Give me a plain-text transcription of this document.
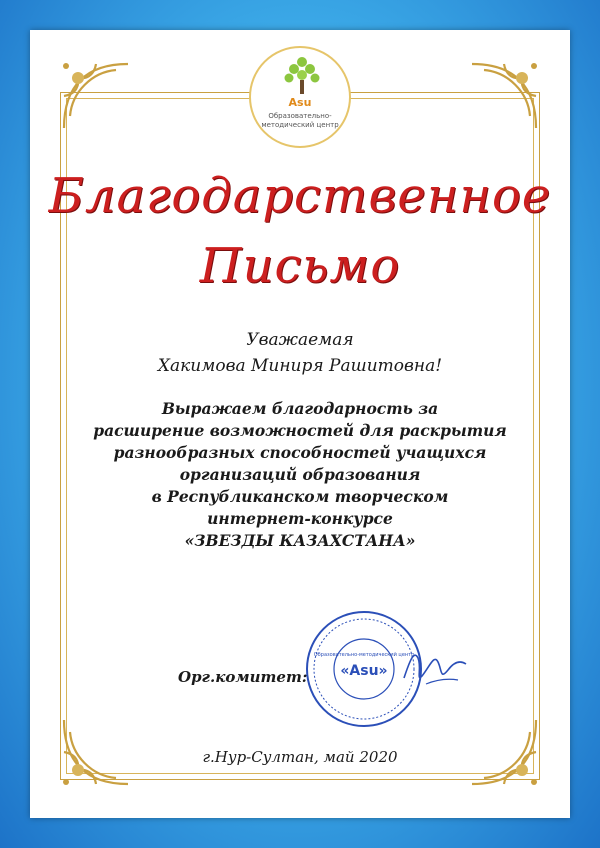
Asu
Образовательно-
методический центр
Благодарственное
Письмо
Уважаемая
Хакимова Миниря Рашитовна!
Выражаем благодарность за
расширение возможностей для раскрытия
разнообразных способностей учащихся
организаций образования
в Республиканском творческом
интернет-конкурсе
«ЗВЕЗДЫ КАЗАХСТАНА»
Орг.комитет: «Asu»
Образовательно-методический центр
г.Нур-Султан, май 2020
